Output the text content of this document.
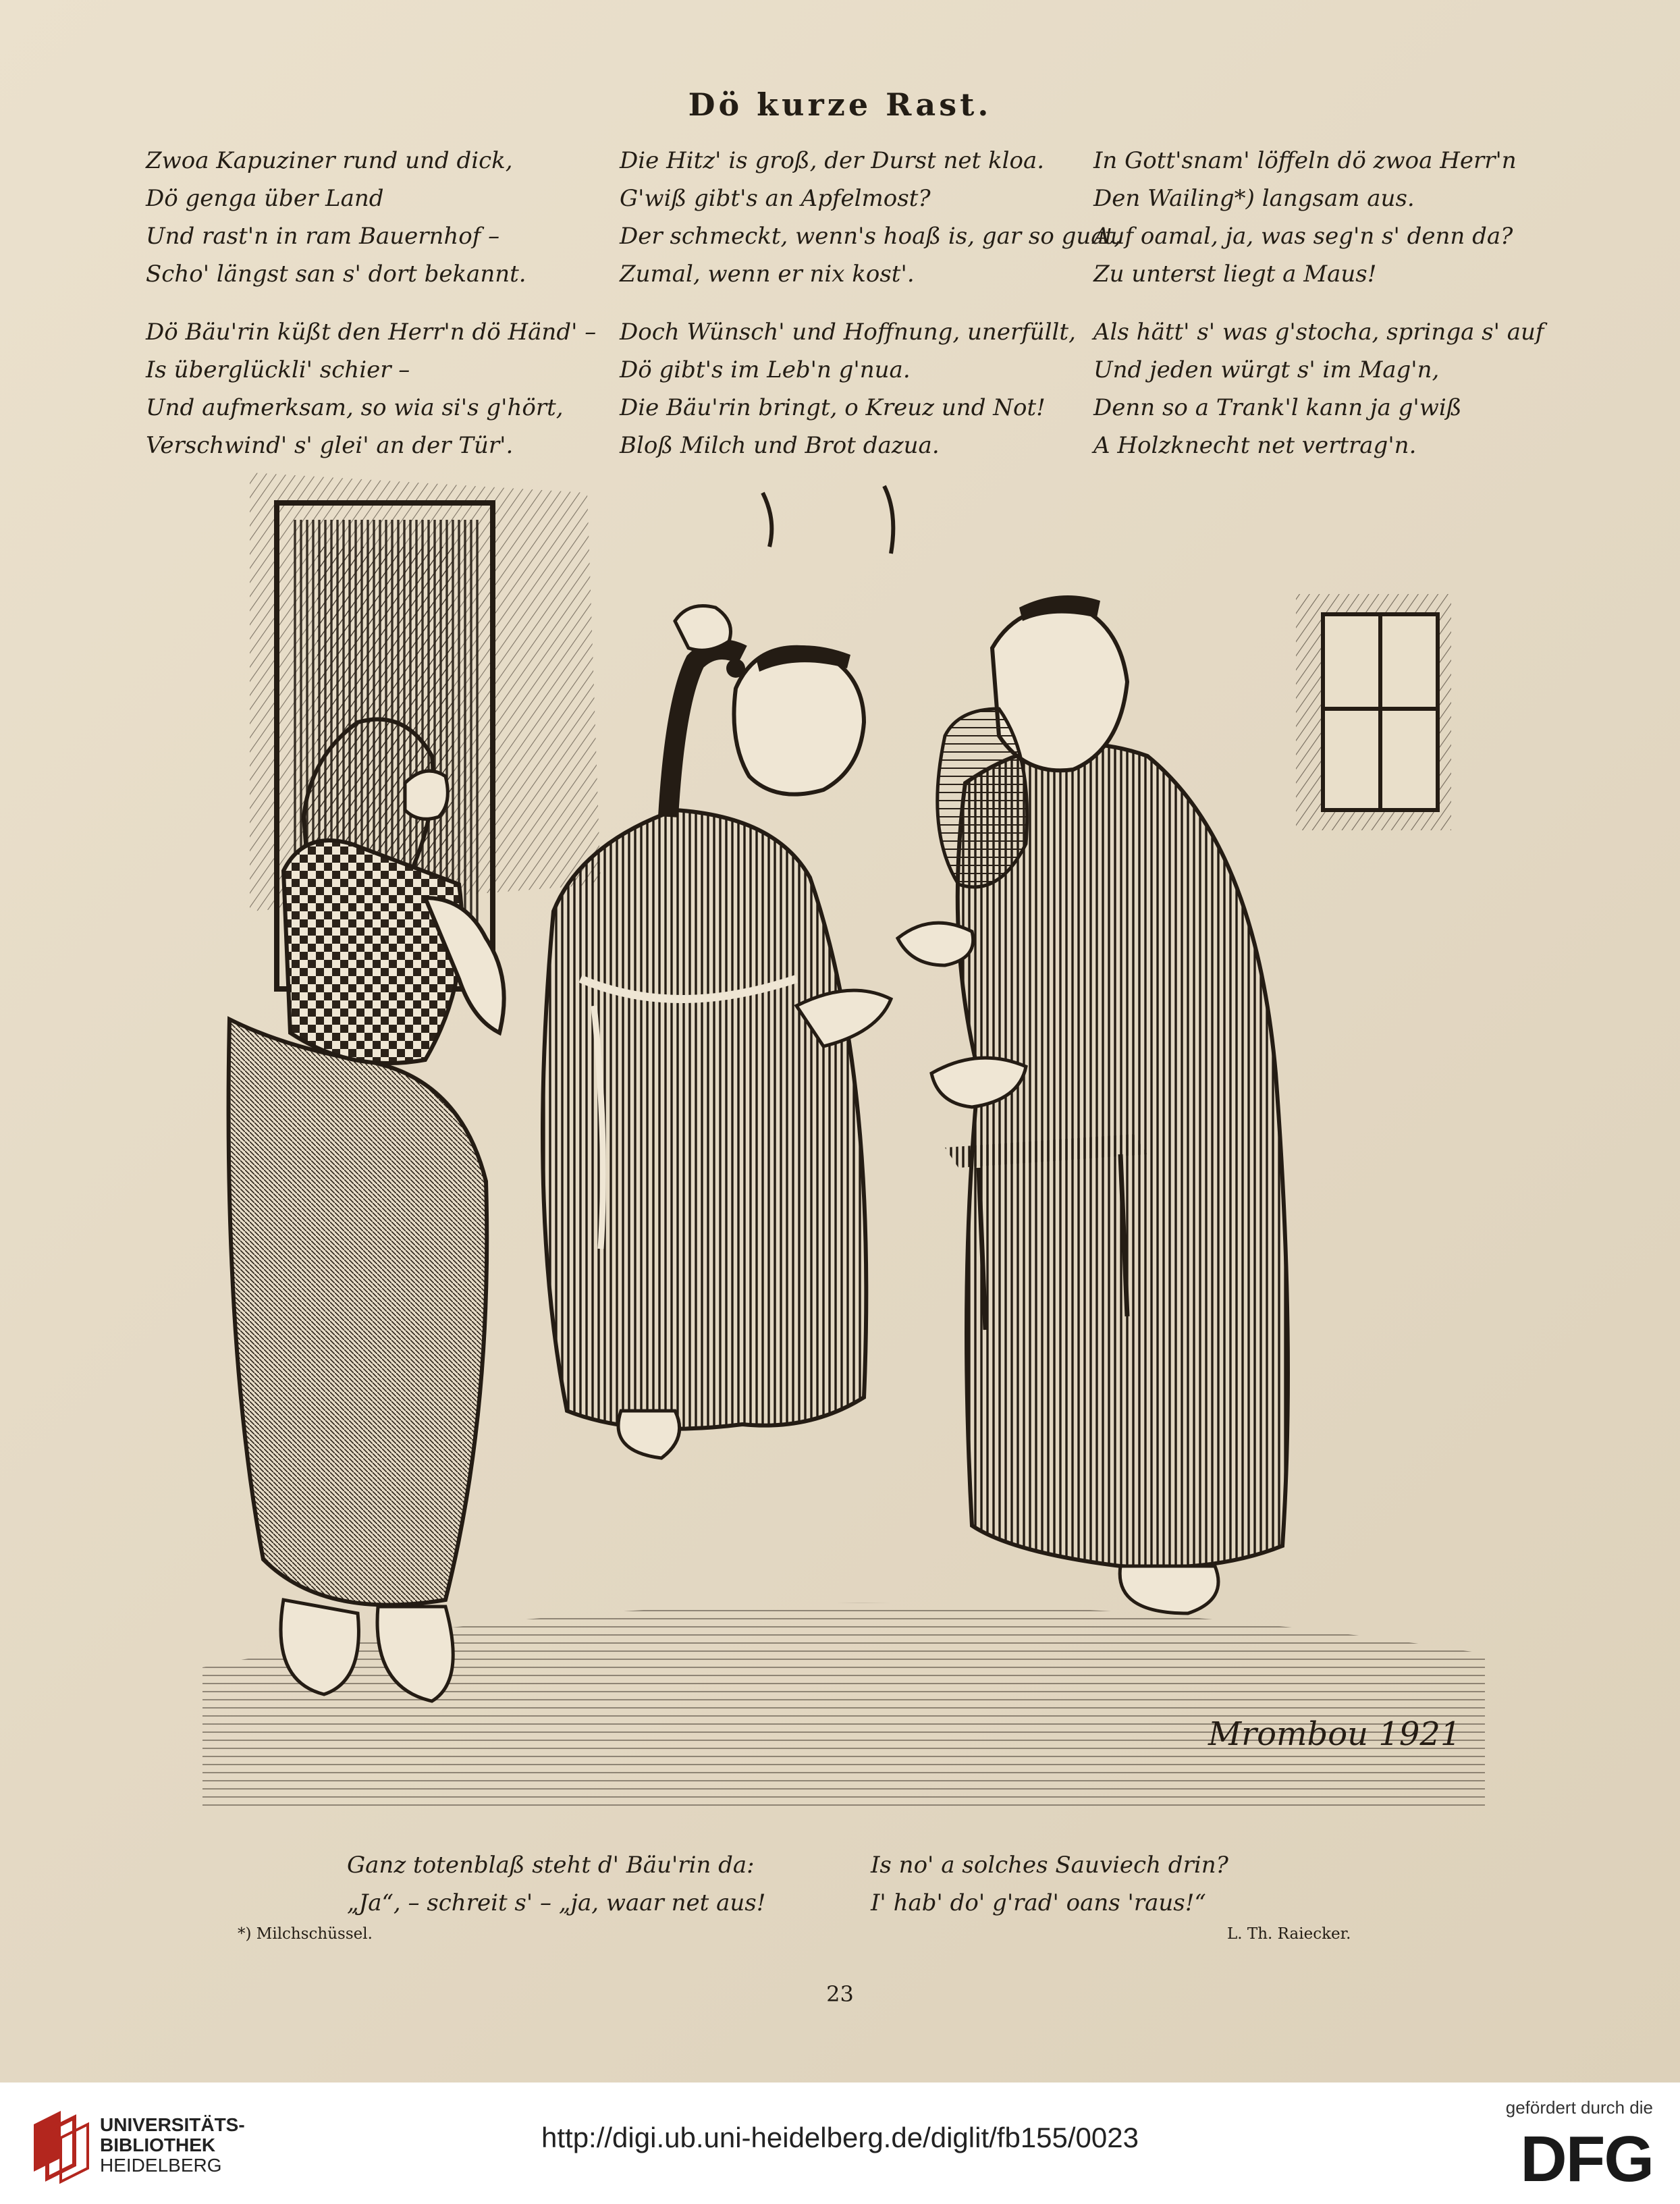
Dö kurze Rast.
Zwoa Kapuziner rund und dick,
Dö genga über Land
Und rast'n in ram Bauernhof –
Scho' längst san s' dort bekannt.
Dö Bäu'rin küßt den Herr'n dö Händ' –
Is überglückli' schier –
Und aufmerksam, so wia si's g'hört,
Verschwind' s' glei' an der Tür'.
Die Hitz' is groß, der Durst net kloa.
G'wiß gibt's an Apfelmost?
Der schmeckt, wenn's hoaß is, gar so guat,
Zumal, wenn er nix kost'.
Doch Wünsch' und Hoffnung, unerfüllt,
Dö gibt's im Leb'n g'nua.
Die Bäu'rin bringt, o Kreuz und Not!
Bloß Milch und Brot dazua.
In Gott'snam' löffeln dö zwoa Herr'n
Den Wailing*) langsam aus.
Auf oamal, ja, was seg'n s' denn da?
Zu unterst liegt a Maus!
Als hätt' s' was g'stocha, springa s' auf
Und jeden würgt s' im Mag'n,
Denn so a Trank'l kann ja g'wiß
A Holzknecht net vertrag'n.
Mrombou 1921
Ganz totenblaß steht d' Bäu'rin da:
„Ja“, – schreit s' – „ja, waar net aus!
Is no' a solches Sauviech drin?
I' hab' do' g'rad' oans 'raus!“
*) Milchschüssel.	L. Th. Raiecker.
23
UNIVERSITÄTS-
BIBLIOTHEK
HEIDELBERG
http://digi.ub.uni-heidelberg.de/diglit/fb155/0023
gefördert durch die
DFG
